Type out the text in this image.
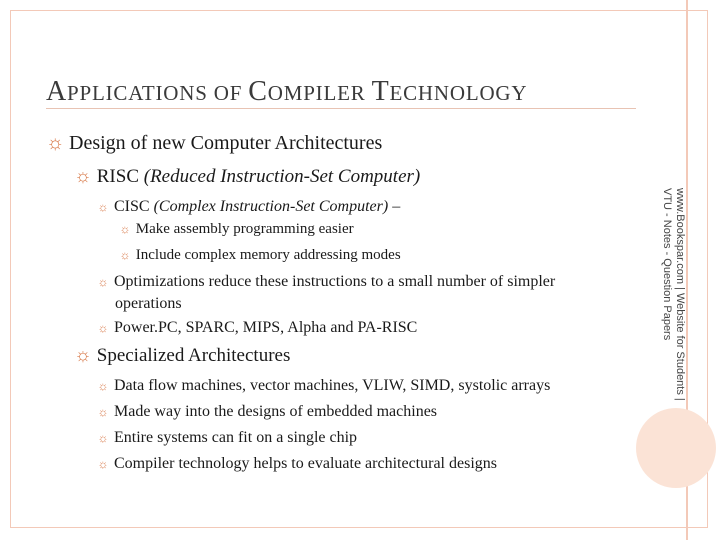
APPLICATIONS OF COMPILER TECHNOLOGY
☼ Design of new Computer Architectures
☼ RISC (Reduced Instruction-Set Computer)
☼ CISC (Complex Instruction-Set Computer) –
☼ Make assembly programming easier
☼ Include complex memory addressing modes
☼ Optimizations reduce these instructions to a small number of simpler
operations
☼ Power.PC, SPARC, MIPS, Alpha and PA-RISC
☼ Specialized Architectures
☼ Data flow machines, vector machines, VLIW, SIMD, systolic arrays
☼ Made way into the designs of embedded machines
☼ Entire systems can fit on a single chip
☼ Compiler technology helps to evaluate architectural designs
www.Bookspar.com | Website for Students |
VTU - Notes - Question Papers
